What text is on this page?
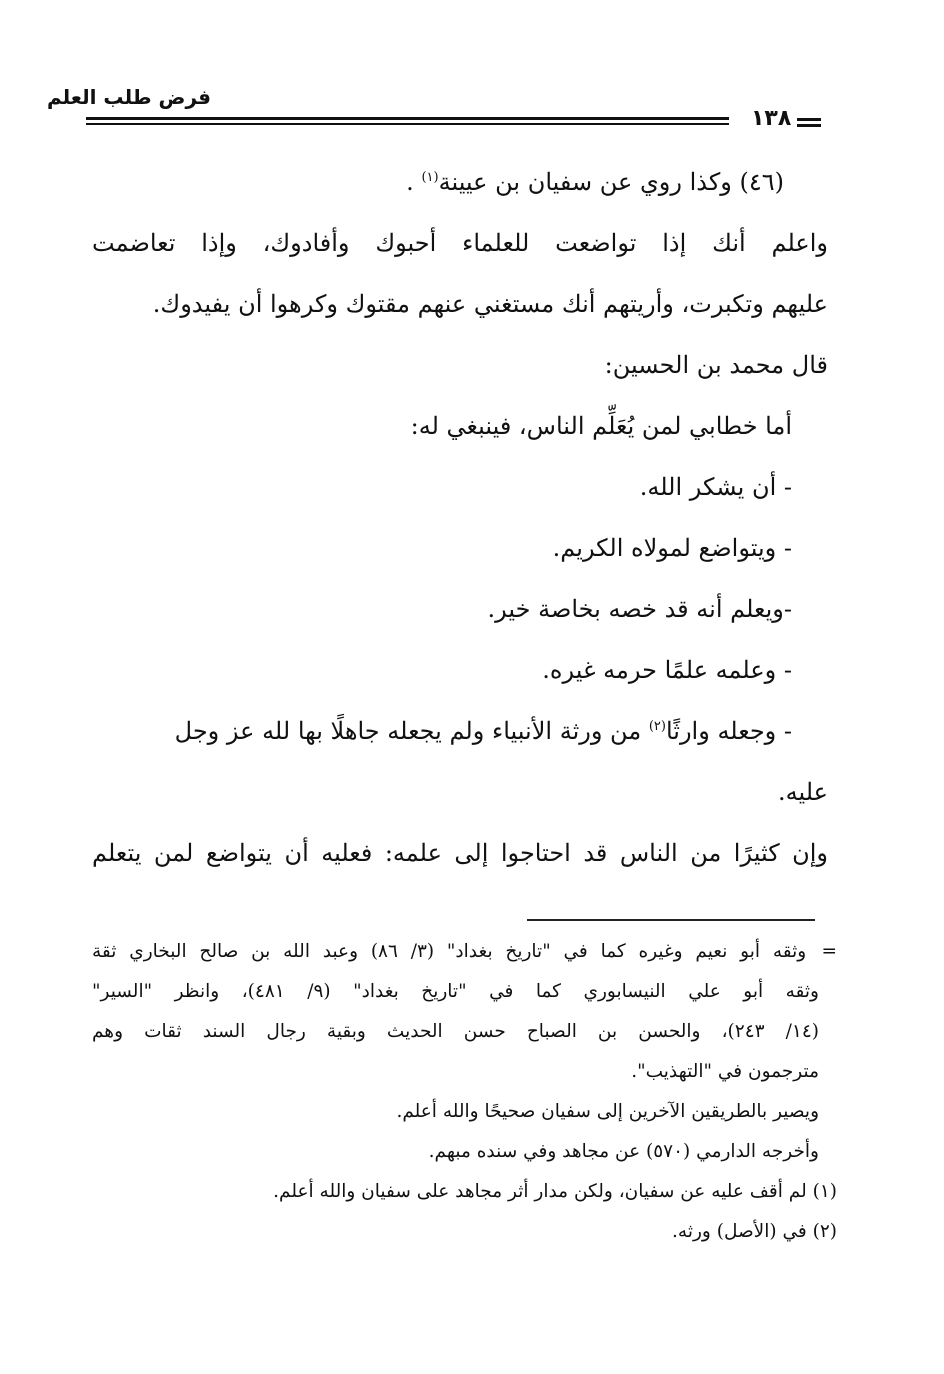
فرض طلب العلم
١٣٨
(٤٦) وكذا روي عن سفيان بن عيينة$^{(١)}$ .
واعلم أنك إذا تواضعت للعلماء أحبوك وأفادوك، وإذا تعاضمت
عليهم وتكبرت، وأريتهم أنك مستغني عنهم مقتوك وكرهوا أن يفيدوك.
قال محمد بن الحسين:
أما خطابي لمن يُعَلِّم الناس، فينبغي له:
- أن يشكر الله.
- ويتواضع لمولاه الكريم.
-ويعلم أنه قد خصه بخاصة خير.
- وعلمه علمًا حرمه غيره.
- وجعله وارثًا$^{(٢)}$ من ورثة الأنبياء ولم يجعله جاهلًا بها لله عز وجل
عليه.
وإن كثيرًا من الناس قد احتاجوا إلى علمه: فعليه أن يتواضع لمن يتعلم
= وثقه أبو نعيم وغيره كما في "تاريخ بغداد" (٣/ ٨٦) وعبد الله بن صالح البخاري ثقة
وثقه أبو علي النيسابوري كما في "تاريخ بغداد" (٩/ ٤٨١)، وانظر "السير"
(١٤/ ٢٤٣)، والحسن بن الصباح حسن الحديث وبقية رجال السند ثقات وهم
مترجمون في "التهذيب".
ويصير بالطريقين الآخرين إلى سفيان صحيحًا والله أعلم.
وأخرجه الدارمي (٥٧٠) عن مجاهد وفي سنده مبهم.
(١) لم أقف عليه عن سفيان، ولكن مدار أثر مجاهد على سفيان والله أعلم.
(٢) في (الأصل) ورثه.
